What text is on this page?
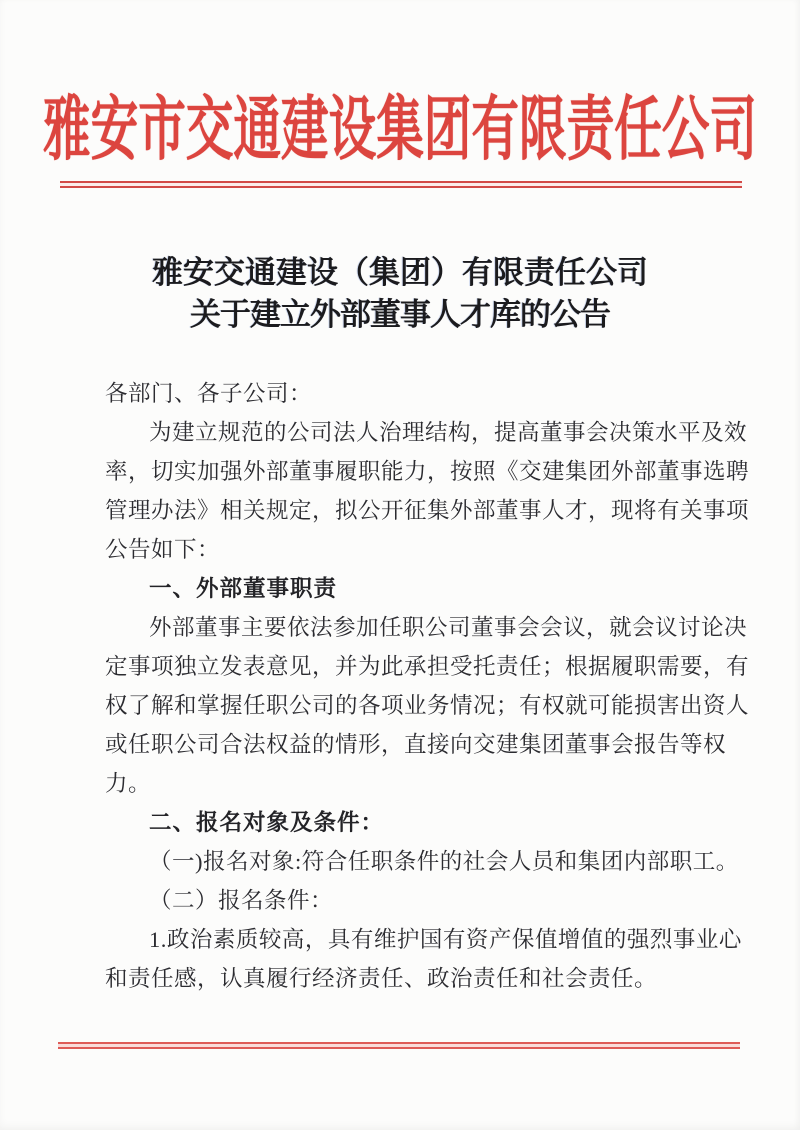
雅安市交通建设集团有限责任公司
雅安交通建设（集团）有限责任公司
关于建立外部董事人才库的公告
各部门、各子公司：
为建立规范的公司法人治理结构，提高董事会决策水平及效
率，切实加强外部董事履职能力，按照《交建集团外部董事选聘
管理办法》相关规定，拟公开征集外部董事人才，现将有关事项
公告如下：
一、外部董事职责
外部董事主要依法参加任职公司董事会会议，就会议讨论决
定事项独立发表意见，并为此承担受托责任；根据履职需要，有
权了解和掌握任职公司的各项业务情况；有权就可能损害出资人
或任职公司合法权益的情形，直接向交建集团董事会报告等权
力。
二、报名对象及条件：
（一)报名对象:符合任职条件的社会人员和集团内部职工。
（二）报名条件：
1.政治素质较高，具有维护国有资产保值增值的强烈事业心
和责任感，认真履行经济责任、政治责任和社会责任。
